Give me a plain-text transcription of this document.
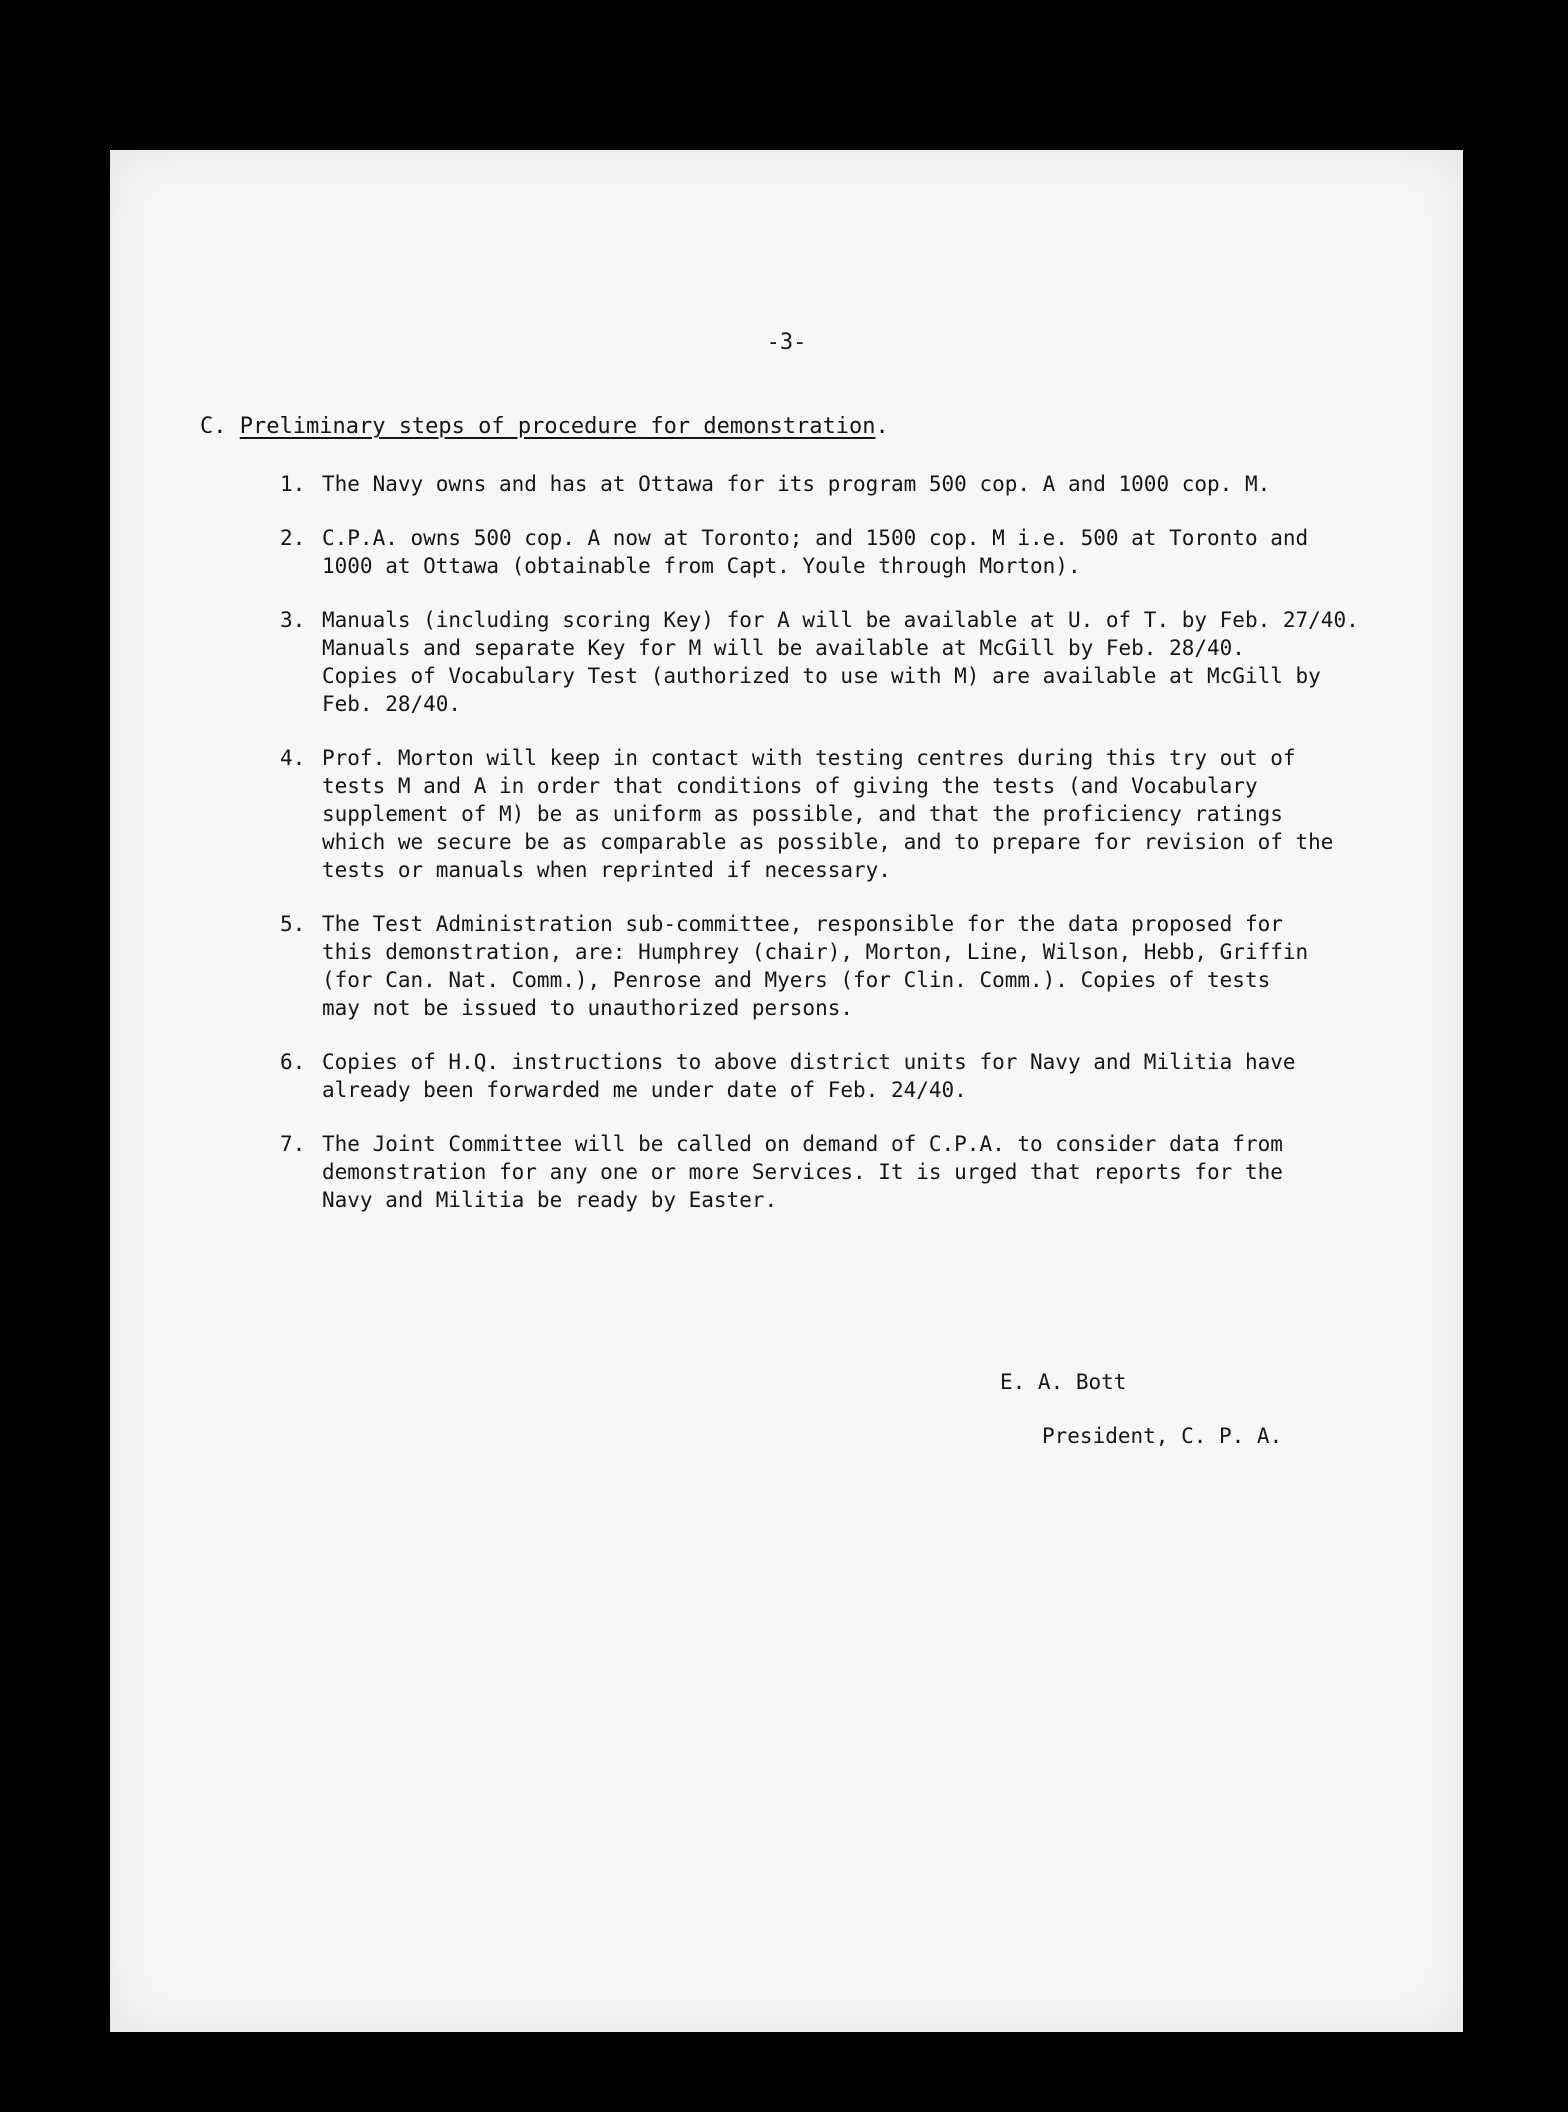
-3-
C. Preliminary steps of procedure for demonstration.
1. The Navy owns and has at Ottawa for its program 500 cop. A and 1000 cop. M.
2. C.P.A. owns 500 cop. A now at Toronto; and 1500 cop. M i.e. 500 at Toronto and
1000 at Ottawa (obtainable from Capt. Youle through Morton).
3. Manuals (including scoring Key) for A will be available at U. of T. by Feb. 27/40.
Manuals and separate Key for M will be available at McGill by Feb. 28/40.
Copies of Vocabulary Test (authorized to use with M) are available at McGill by
Feb. 28/40.
4. Prof. Morton will keep in contact with testing centres during this try out of
tests M and A in order that conditions of giving the tests (and Vocabulary
supplement of M) be as uniform as possible, and that the proficiency ratings
which we secure be as comparable as possible, and to prepare for revision of the
tests or manuals when reprinted if necessary.
5. The Test Administration sub-committee, responsible for the data proposed for
this demonstration, are: Humphrey (chair), Morton, Line, Wilson, Hebb, Griffin
(for Can. Nat. Comm.), Penrose and Myers (for Clin. Comm.). Copies of tests
may not be issued to unauthorized persons.
6. Copies of H.Q. instructions to above district units for Navy and Militia have
already been forwarded me under date of Feb. 24/40.
7. The Joint Committee will be called on demand of C.P.A. to consider data from
demonstration for any one or more Services. It is urged that reports for the
Navy and Militia be ready by Easter.
E. A. Bott
President, C. P. A.
